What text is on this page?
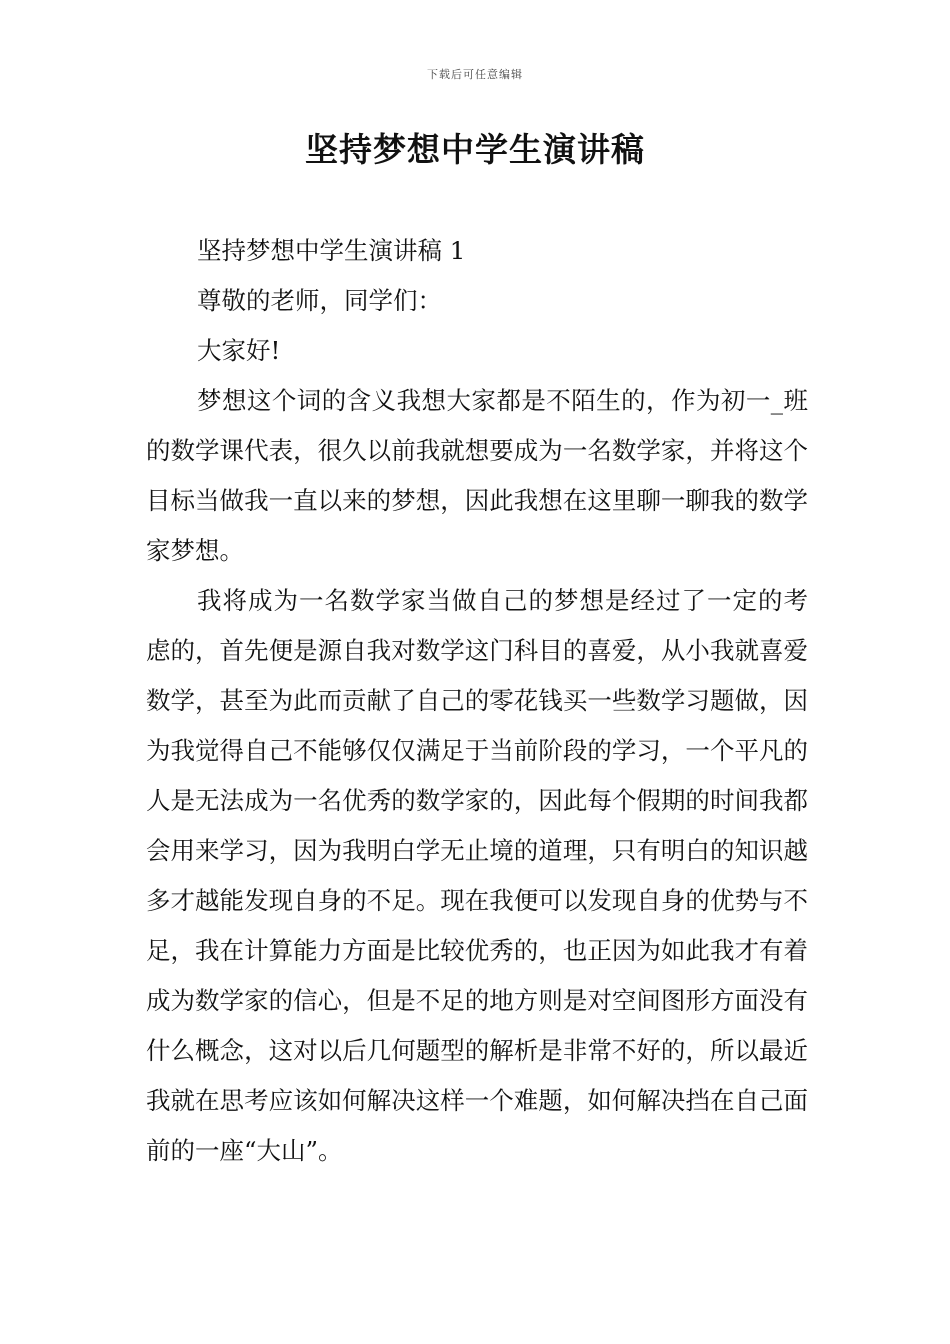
下载后可任意编辑
坚持梦想中学生演讲稿

坚持梦想中学生演讲稿 1

尊敬的老师，同学们：

大家好!

梦想这个词的含义我想大家都是不陌生的，作为初一_班的数学课代表，很久以前我就想要成为一名数学家，并将这个目标当做我一直以来的梦想，因此我想在这里聊一聊我的数学家梦想。

我将成为一名数学家当做自己的梦想是经过了一定的考虑的，首先便是源自我对数学这门科目的喜爱，从小我就喜爱数学，甚至为此而贡献了自己的零花钱买一些数学习题做，因为我觉得自己不能够仅仅满足于当前阶段的学习，一个平凡的人是无法成为一名优秀的数学家的，因此每个假期的时间我都会用来学习，因为我明白学无止境的道理，只有明白的知识越多才越能发现自身的不足。现在我便可以发现自身的优势与不足，我在计算能力方面是比较优秀的，也正因为如此我才有着成为数学家的信心，但是不足的地方则是对空间图形方面没有什么概念，这对以后几何题型的解析是非常不好的，所以最近我就在思考应该如何解决这样一个难题，如何解决挡在自己面前的一座“大山”。
